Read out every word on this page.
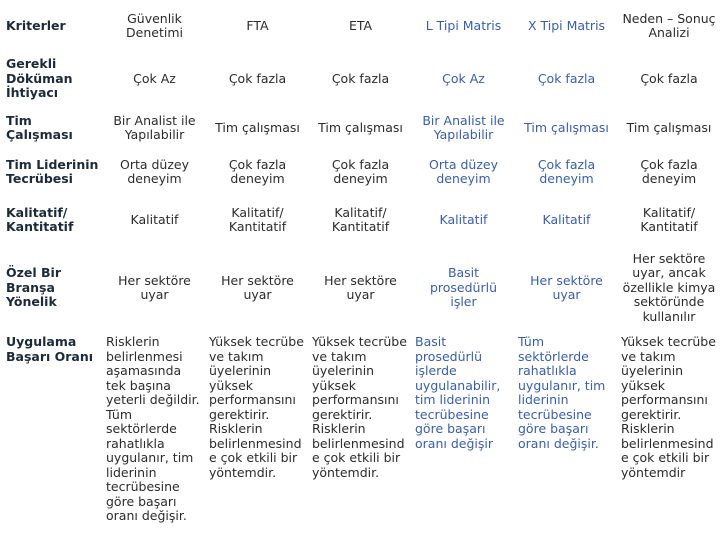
Kriterler	Güvenlik Denetimi	FTA	ETA	L Tipi Matris	X Tipi Matris	Neden – Sonuç Analizi
Gerekli Döküman İhtiyacı	Çok Az	Çok fazla	Çok fazla	Çok Az	Çok fazla	Çok fazla
Tim Çalışması	Bir Analist ile Yapılabilir	Tim çalışması	Tim çalışması	Bir Analist ile Yapılabilir	Tim çalışması	Tim çalışması
Tim Liderinin Tecrübesi	Orta düzey deneyim	Çok fazla deneyim	Çok fazla deneyim	Orta düzey deneyim	Çok fazla deneyim	Çok fazla deneyim
Kalitatif/ Kantitatif	Kalitatif	Kalitatif/ Kantitatif	Kalitatif/ Kantitatif	Kalitatif	Kalitatif	Kalitatif/ Kantitatif
Özel Bir Branşa Yönelik	Her sektöre uyar	Her sektöre uyar	Her sektöre uyar	Basit prosedürlü işler	Her sektöre uyar	Her sektöre uyar, ancak özellikle kimya sektöründe kullanılır
Uygulama Başarı Oranı	Risklerin belirlenmesi aşamasında tek başına yeterli değildir. Tüm sektörlerde rahatlıkla uygulanır, tim liderinin tecrübesine göre başarı oranı değişir.	Yüksek tecrübe ve takım üyelerinin yüksek performansını gerektirir. Risklerin belirlenmesind e çok etkili bir yöntemdir.	Yüksek tecrübe ve takım üyelerinin yüksek performansını gerektirir. Risklerin belirlenmesind e çok etkili bir yöntemdir.	Basit prosedürlü işlerde uygulanabilir, tim liderinin tecrübesine göre başarı oranı değişir	Tüm sektörlerde rahatlıkla uygulanır, tim liderinin tecrübesine göre başarı oranı değişir.	Yüksek tecrübe ve takım üyelerinin yüksek performansını gerektirir. Risklerin belirlenmesind e çok etkili bir yöntemdir
